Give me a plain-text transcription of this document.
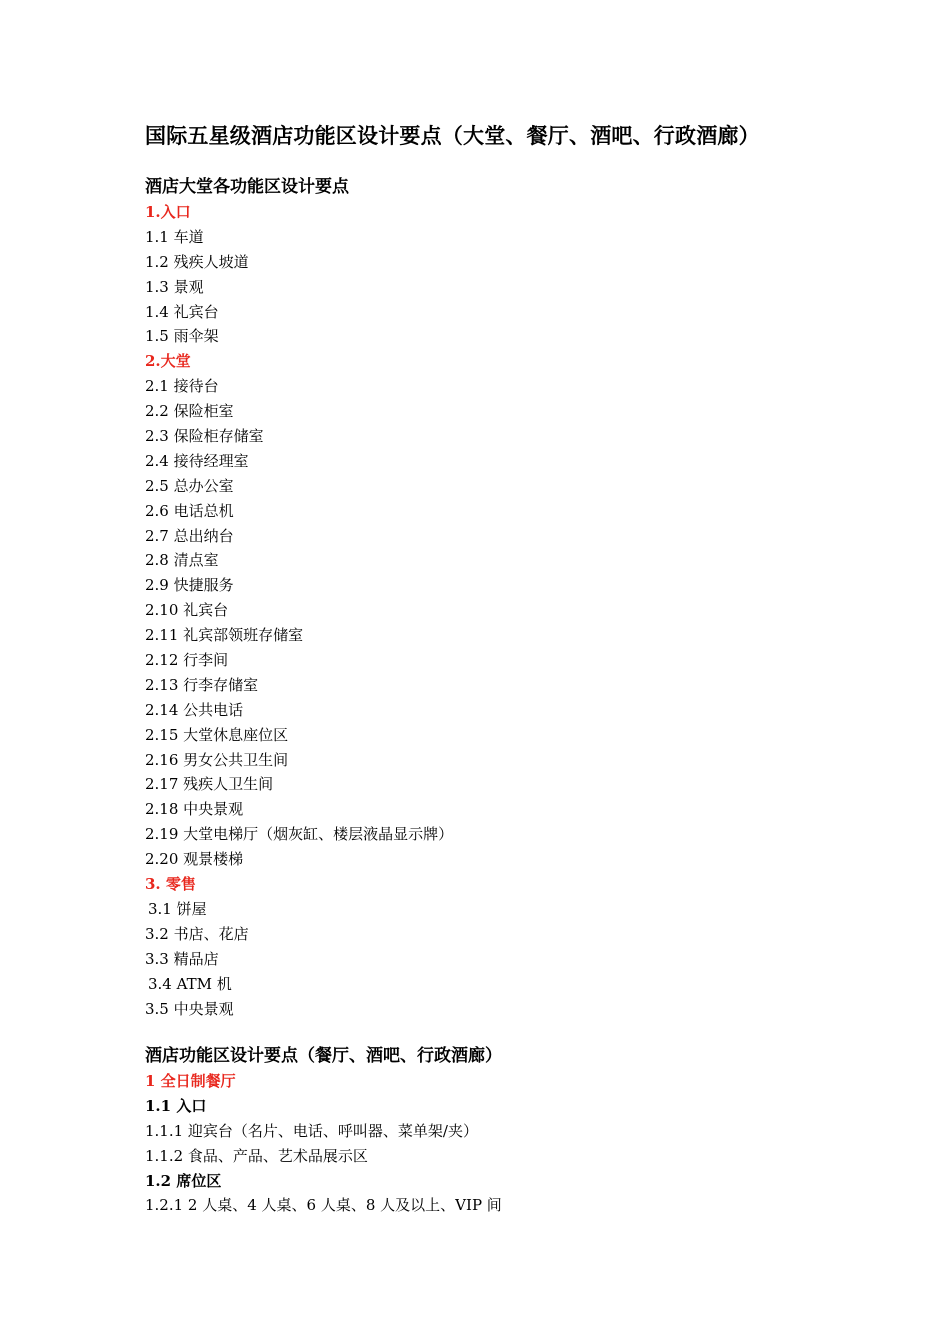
国际五星级酒店功能区设计要点（大堂、餐厅、酒吧、行政酒廊）
酒店大堂各功能区设计要点
1.入口
1.1 车道
1.2 残疾人坡道
1.3 景观
1.4 礼宾台
1.5 雨伞架
2.大堂
2.1 接待台
2.2 保险柜室
2.3 保险柜存储室
2.4 接待经理室
2.5 总办公室
2.6 电话总机
2.7 总出纳台
2.8 清点室
2.9 快捷服务
2.10 礼宾台
2.11 礼宾部领班存储室
2.12 行李间
2.13 行李存储室
2.14 公共电话
2.15 大堂休息座位区
2.16 男女公共卫生间
2.17 残疾人卫生间
2.18 中央景观
2.19 大堂电梯厅（烟灰缸、楼层液晶显示牌）
2.20 观景楼梯
3. 零售
3.1 饼屋
3.2 书店、花店
3.3 精品店
3.4 ATM 机
3.5 中央景观
酒店功能区设计要点（餐厅、酒吧、行政酒廊）
1 全日制餐厅
1.1 入口
1.1.1 迎宾台（名片、电话、呼叫器、菜单架/夹）
1.1.2 食品、产品、艺术品展示区
1.2 席位区
1.2.1 2 人桌、4 人桌、6 人桌、8 人及以上、VIP 间
